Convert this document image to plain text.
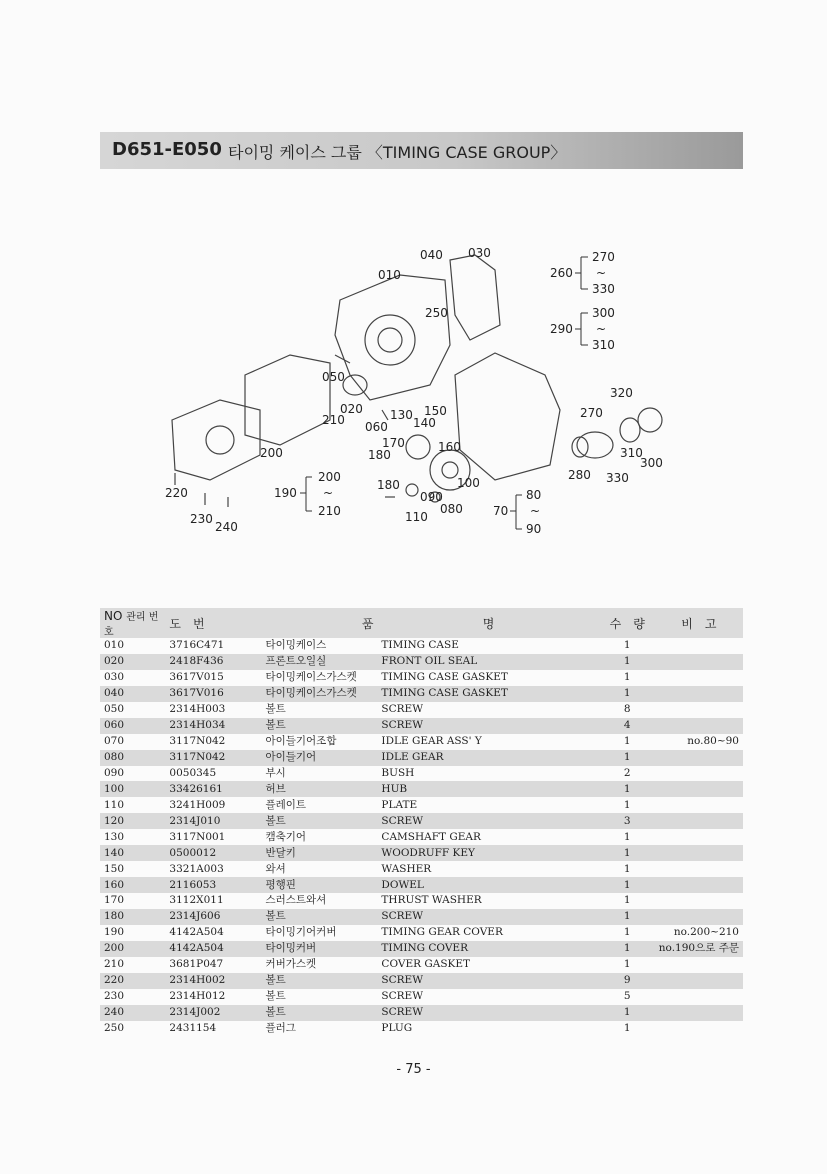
D651-E050 타이밍 케이스 그룹 〈TIMING CASE GROUP〉
010
040 030
250
050
020
210 060
130 150
140
170	160
180
200
180	100
090
080
110
190
200
~
210
220
230
240
260
270
~
330
290
300
~
310
320
270
310
300
280 330
70
80
~
90
NO 관리 번호	도　번	품	명	수　량	비　고
010	3716C471	타이밍케이스	TIMING CASE	1	
020	2418F436	프론트오일실	FRONT OIL SEAL	1	
030	3617V015	타이밍케이스가스켓	TIMING CASE GASKET	1	
040	3617V016	타이밍케이스가스켓	TIMING CASE GASKET	1	
050	2314H003	볼트	SCREW	8	
060	2314H034	볼트	SCREW	4	
070	3117N042	아이들기어조합	IDLE GEAR ASS' Y	1	no.80~90
080	3117N042	아이들기어	IDLE GEAR	1	
090	0050345	부시	BUSH	2	
100	33426161	허브	HUB	1	
110	3241H009	플레이트	PLATE	1	
120	2314J010	볼트	SCREW	3	
130	3117N001	캠축기어	CAMSHAFT GEAR	1	
140	0500012	반달키	WOODRUFF KEY	1	
150	3321A003	와셔	WASHER	1	
160	2116053	평행핀	DOWEL	1	
170	3112X011	스러스트와셔	THRUST WASHER	1	
180	2314J606	볼트	SCREW	1	
190	4142A504	타이밍기어커버	TIMING GEAR COVER	1	no.200~210
200	4142A504	타이밍커버	TIMING COVER	1	no.190으로 주문
210	3681P047	커버가스켓	COVER GASKET	1	
220	2314H002	볼트	SCREW	9	
230	2314H012	볼트	SCREW	5	
240	2314J002	볼트	SCREW	1	
250	2431154	플러그	PLUG	1	
- 75 -
